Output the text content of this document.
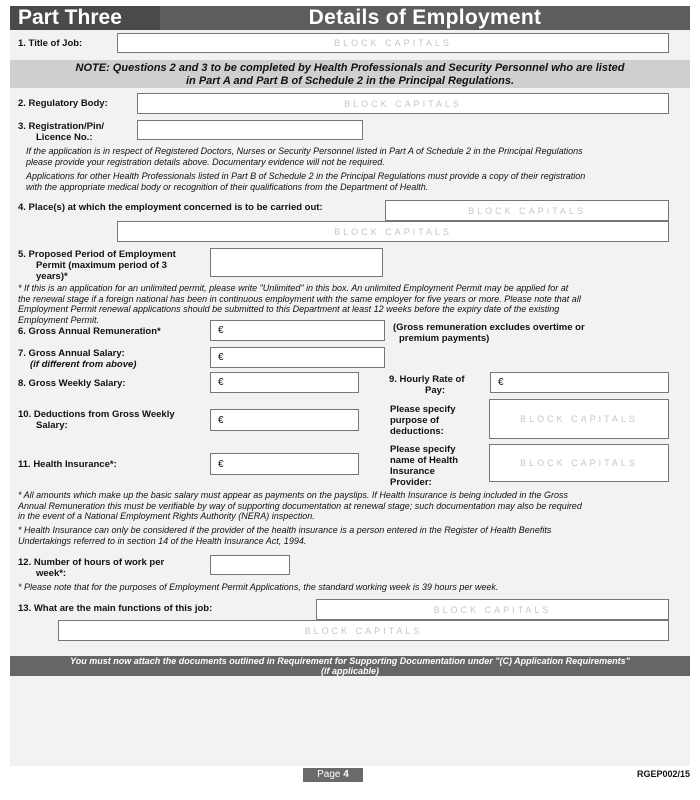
Part Three	Details of Employment
1. Title of Job:	BLOCK CAPITALS
NOTE: Questions 2 and 3 to be completed by Health Professionals and Security Personnel who are listed
in Part A and Part B of Schedule 2 in the Principal Regulations.
2. Regulatory Body:	BLOCK CAPITALS
3. Registration/Pin/
Licence No.:
If the application is in respect of Registered Doctors, Nurses or Security Personnel listed in Part A of Schedule 2 in the Principal Regulations
please provide your registration details above. Documentary evidence will not be required.
Applications for other Health Professionals listed in Part B of Schedule 2 in the Principal Regulations must provide a copy of their registration
with the appropriate medical body or recognition of their qualifications from the Department of Health.
4. Place(s) at which the employment concerned is to be carried out:	BLOCK CAPITALS
BLOCK CAPITALS
5. Proposed Period of Employment
Permit (maximum period of 3
years)*
* If this is an application for an unlimited permit, please write "Unlimited" in this box. An unlimited Employment Permit may be applied for at
the renewal stage if a foreign national has been in continuous employment with the same employer for five years or more. Please note that all
Employment Permit renewal applications should be submitted to this Department at least 12 weeks before the expiry date of the existing
Employment Permit.
6. Gross Annual Remuneration*	€	(Gross remuneration excludes overtime or
premium payments)
7. Gross Annual Salary:
(if different from above)
€
8. Gross Weekly Salary:	€	9. Hourly Rate of
Pay:
€
10. Deductions from Gross Weekly
Salary:	€
Please specify
purpose of
deductions:
BLOCK CAPITALS
11. Health Insurance*:	€
Please specify
name of Health
Insurance
Provider:
BLOCK CAPITALS
* All amounts which make up the basic salary must appear as payments on the payslips. If Health Insurance is being included in the Gross
Annual Remuneration this must be verifiable by way of supporting documentation at renewal stage; such documentation may also be required
in the event of a National Employment Rights Authority (NERA) inspection.
* Health Insurance can only be considered if the provider of the health insurance is a person entered in the Register of Health Benefits
Undertakings referred to in section 14 of the Health Insurance Act, 1994.
12. Number of hours of work per
week*:
* Please note that for the purposes of Employment Permit Applications, the standard working week is 39 hours per week.
13. What are the main functions of this job:	BLOCK CAPITALS
BLOCK CAPITALS
You must now attach the documents outlined in Requirement for Supporting Documentation under "(C) Application Requirements"
(if applicable)
Page 4	RGEP002/15
